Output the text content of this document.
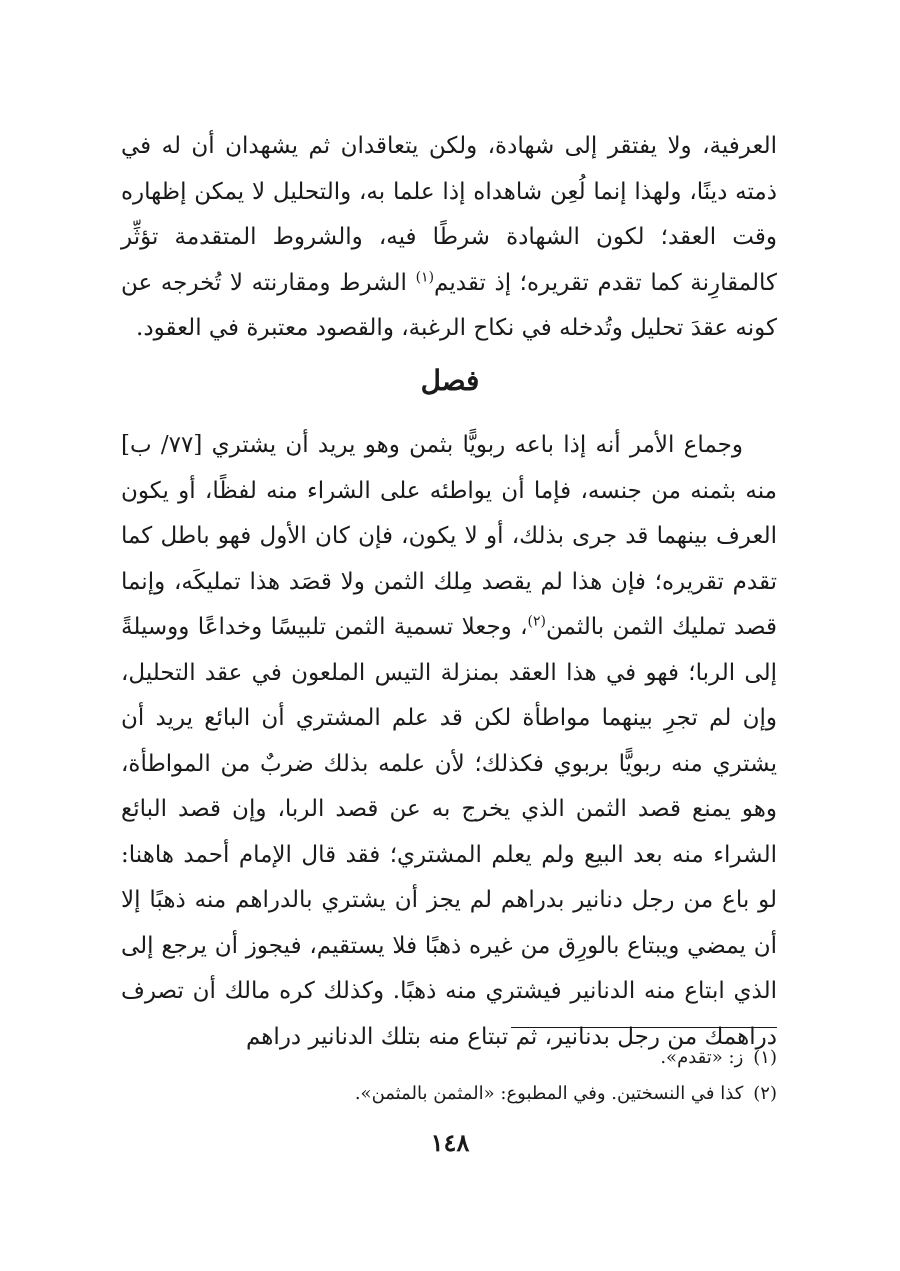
العرفية، ولا يفتقر إلى شهادة، ولكن يتعاقدان ثم يشهدان أن له في ذمته دينًا، ولهذا إنما لُعِن شاهداه إذا علما به، والتحليل لا يمكن إظهاره وقت العقد؛ لكون الشهادة شرطًا فيه، والشروط المتقدمة تؤثِّر كالمقارِنة كما تقدم تقريره؛ إذ تقديم$^{(١)}$ الشرط ومقارنته لا تُخرجه عن كونه عقدَ تحليل وتُدخله في نكاح الرغبة، والقصود معتبرة في العقود.
فصل
وجماع الأمر أنه إذا باعه ربويًّا بثمن وهو يريد أن يشتري [٧٧/ ب] منه بثمنه من جنسه، فإما أن يواطئه على الشراء منه لفظًا، أو يكون العرف بينهما قد جرى بذلك، أو لا يكون، فإن كان الأول فهو باطل كما تقدم تقريره؛ فإن هذا لم يقصد مِلك الثمن ولا قصَد هذا تمليكَه، وإنما قصد تمليك الثمن بالثمن$^{(٢)}$، وجعلا تسمية الثمن تلبيسًا وخداعًا ووسيلةً إلى الربا؛ فهو في هذا العقد بمنزلة التيس الملعون في عقد التحليل، وإن لم تجرِ بينهما مواطأة لكن قد علم المشتري أن البائع يريد أن يشتري منه ربويًّا بربوي فكذلك؛ لأن علمه بذلك ضربٌ من المواطأة، وهو يمنع قصد الثمن الذي يخرج به عن قصد الربا، وإن قصد البائع الشراء منه بعد البيع ولم يعلم المشتري؛ فقد قال الإمام أحمد هاهنا: لو باع من رجل دنانير بدراهم لم يجز أن يشتري بالدراهم منه ذهبًا إلا أن يمضي ويبتاع بالورِق من غيره ذهبًا فلا يستقيم، فيجوز أن يرجع إلى الذي ابتاع منه الدنانير فيشتري منه ذهبًا. وكذلك كره مالك أن تصرف دراهمك من رجل بدنانير، ثم تبتاع منه بتلك الدنانير دراهم
(١)ز: «تقدم».
(٢)كذا في النسختين. وفي المطبوع: «المثمن بالمثمن».
١٤٨
